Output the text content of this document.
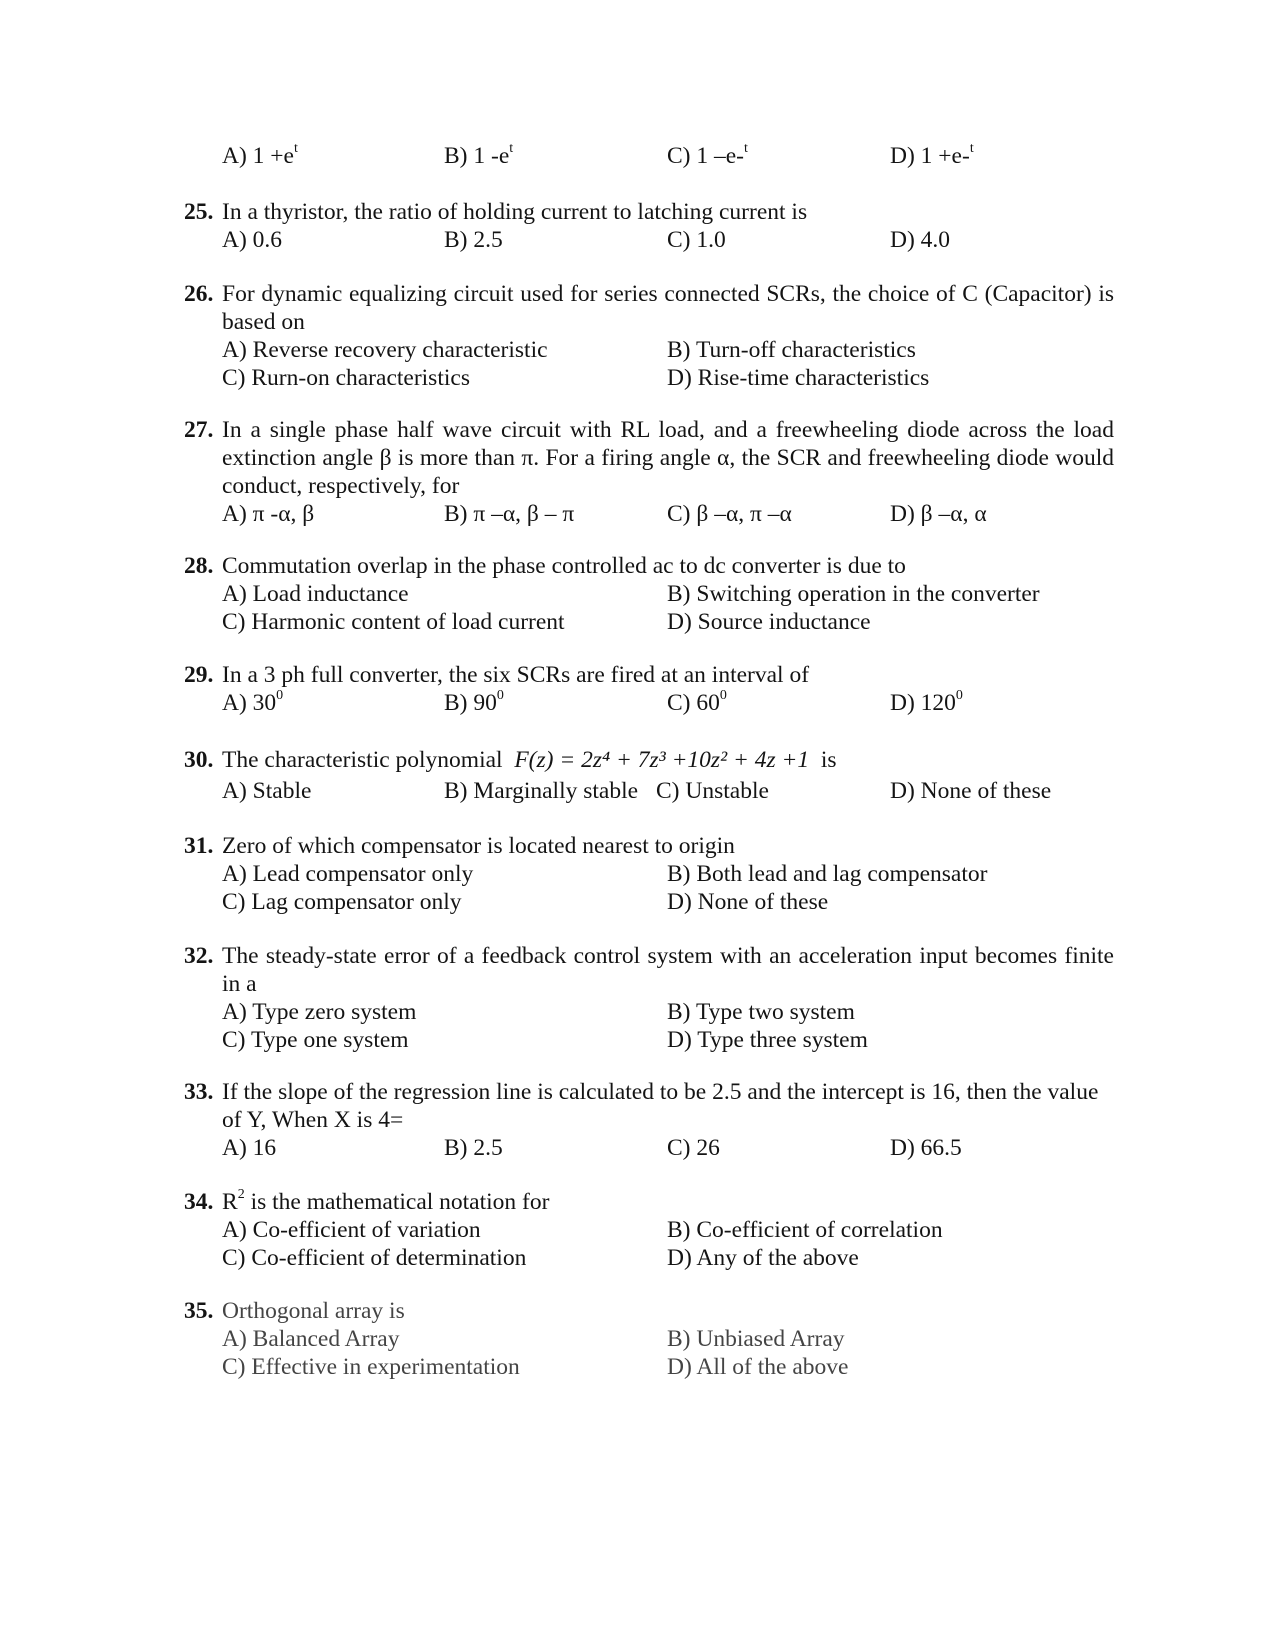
A) $1 +e^t$	B) 1 $-e^t$	C) 1 –e-$^t$	D) 1 +e-$^t$
25. In a thyristor, the ratio of holding current to latching current is
A) 0.6	B) 2.5	C) 1.0	D) 4.0
26. For dynamic equalizing circuit used for series connected SCRs, the choice of C (Capacitor) is based on
A) Reverse recovery characteristic	B) Turn-off characteristics
C) Rurn-on characteristics	D) Rise-time characteristics
27. In a single phase half wave circuit with RL load, and a freewheeling diode across the load extinction angle β is more than π. For a firing angle α, the SCR and freewheeling diode would conduct, respectively, for
A) π -α, β	B) π –α, β – π	C) β –α, π –α	D) β –α, α
28. Commutation overlap in the phase controlled ac to dc converter is due to
A) Load inductance	B) Switching operation in the converter
C) Harmonic content of load current	D) Source inductance
29. In a 3 ph full converter, the six SCRs are fired at an interval of
A) $30^0$	B) $90^0$	C) $60^0$	D) $120^0$
30. The characteristic polynomial F(z) = 2z⁴ + 7z³ +10z² + 4z +1 is
A) Stable	B) Marginally stable C) Unstable	D) None of these
31. Zero of which compensator is located nearest to origin
A) Lead compensator only	B) Both lead and lag compensator
C) Lag compensator only	D) None of these
32. The steady-state error of a feedback control system with an acceleration input becomes finite in a
A) Type zero system	B) Type two system
C) Type one system	D) Type three system
33. If the slope of the regression line is calculated to be 2.5 and the intercept is 16, then the value of Y, When X is 4=
A) 16	B) 2.5	C) 26	D) 66.5
34. $R^2$ is the mathematical notation for
A) Co-efficient of variation	B) Co-efficient of correlation
C) Co-efficient of determination	D) Any of the above
35. Orthogonal array is
A) Balanced Array	B) Unbiased Array
C) Effective in experimentation	D) All of the above
